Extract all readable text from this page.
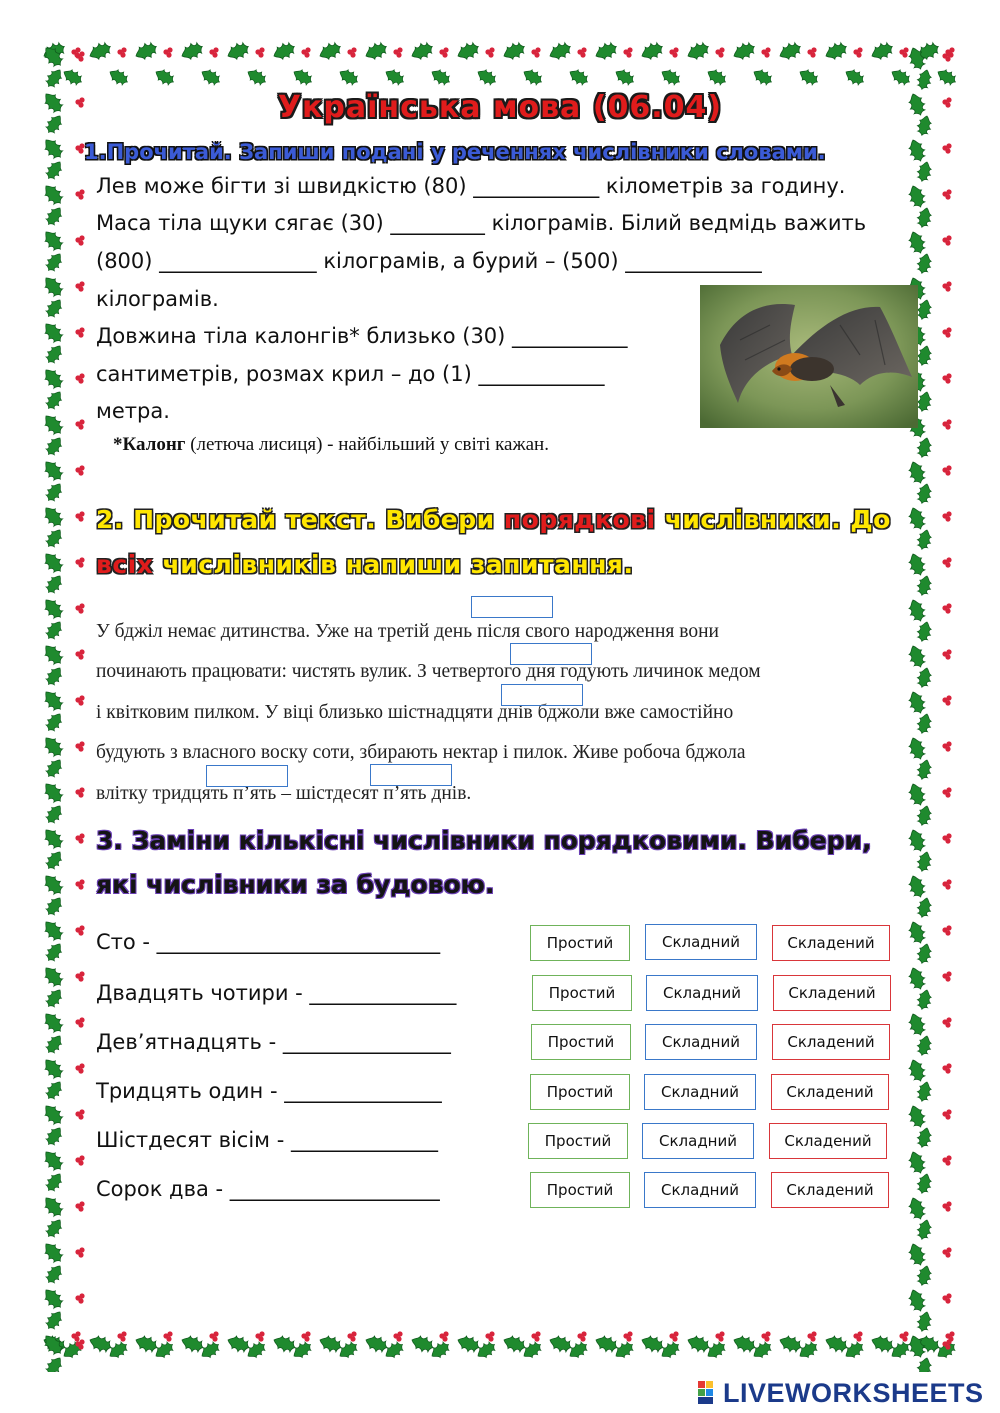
Українська мова (06.04)
1.Прочитай. Запиши подані у реченнях числівники словами.
Лев може бігти зі швидкістю (80) ____________ кілометрів за годину.
Маса тіла щуки сягає (30) _________ кілограмів. Білий ведмідь важить
(800) _______________ кілограмів, а бурий – (500) _____________
кілограмів.
Довжина тіла калонгів* близько (30) ___________
сантиметрів, розмах крил – до (1) ____________
метра.
*Калонг (летюча лисиця) - найбільший у світі кажан.
2. Прочитай текст. Вибери порядкові числівники. До
всіх числівників напиши запитання.
У бджіл немає дитинства. Уже на третій день після свого народження вони
починають працювати: чистять вулик. З четвертого дня годують личинок медом
і квітковим пилком. У віці близько шістнадцяти днів бджоли вже самостійно
будують з власного воску соти, збирають нектар і пилок. Живе робоча бджола
влітку тридцять п’ять – шістдесят п’ять днів.
3. Заміни кількісні числівники порядковими. Вибери,
які числівники за будовою.
Сто - ___________________________	Простий	Складний	Складений
Двадцять чотири - ______________	Простий	Складний	Складений
Дев’ятнадцять - ________________	Простий	Складний	Складений
Тридцять один - _______________	Простий	Складний	Складений
Шістдесят вісім - ______________	Простий	Складний	Складений
Сорок два - ____________________	Простий	Складний	Складений
LIVEWORKSHEETS
